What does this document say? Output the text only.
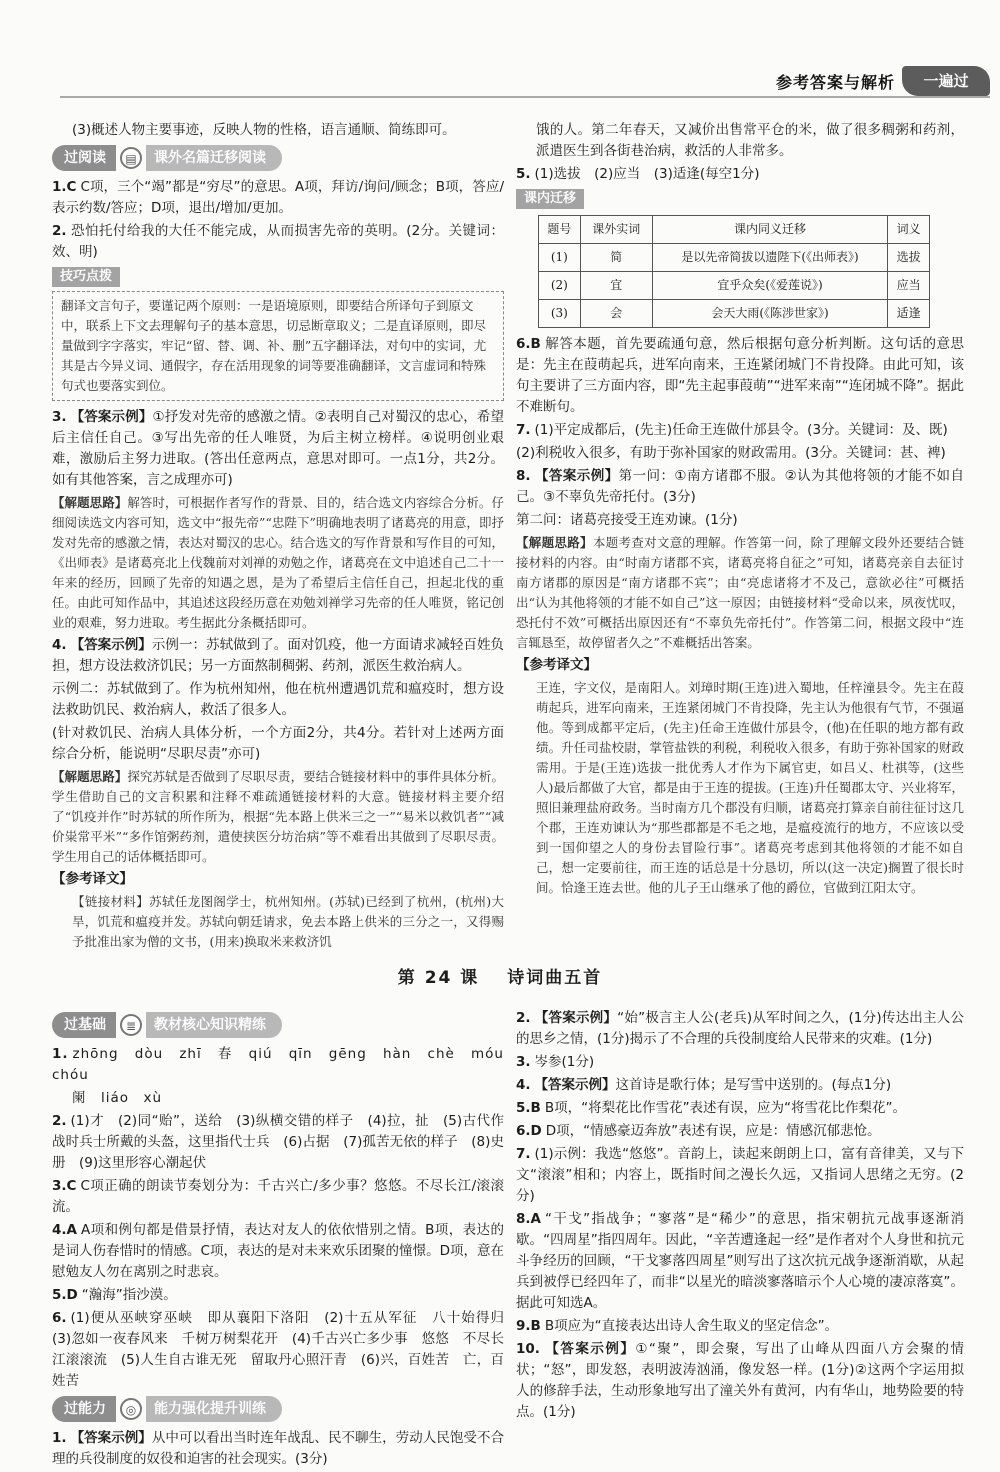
参考答案与解析	一遍过

(3)概述人物主要事迹，反映人物的性格，语言通顺、简练即可。

过阅读	▤	课外名篇迁移阅读

1.C C项，三个“竭”都是“穷尽”的意思。A项，拜访/询问/顾念；B项，答应/表示约数/答应；D项，退出/增加/更加。

2. 恐怕托付给我的大任不能完成，从而损害先帝的英明。(2分。关键词：效、明)

技巧点拨
翻译文言句子，要谨记两个原则：一是语境原则，即要结合所译句子到原文中，联系上下文去理解句子的基本意思，切忌断章取义；二是直译原则，即尽量做到字字落实，牢记“留、替、调、补、删”五字翻译法，对句中的实词，尤其是古今异义词、通假字，存在活用现象的词等要准确翻译，文言虚词和特殊句式也要落实到位。

3. 【答案示例】①抒发对先帝的感激之情。②表明自己对蜀汉的忠心，希望后主信任自己。③写出先帝的任人唯贤，为后主树立榜样。④说明创业艰难，激励后主努力进取。(答出任意两点，意思对即可。一点1分，共2分。如有其他答案，言之成理亦可)

【解题思路】解答时，可根据作者写作的背景、目的，结合选文内容综合分析。仔细阅读选文内容可知，选文中“报先帝”“忠陛下”明确地表明了诸葛亮的用意，即抒发对先帝的感激之情，表达对蜀汉的忠心。结合选文的写作背景和写作目的可知，《出师表》是诸葛亮北上伐魏前对刘禅的劝勉之作，诸葛亮在文中追述自己二十一年来的经历，回顾了先帝的知遇之恩，是为了希望后主信任自己，担起北伐的重任。由此可知作品中，其追述这段经历意在劝勉刘禅学习先帝的任人唯贤，铭记创业的艰难，努力进取。考生据此分条概括即可。

4. 【答案示例】示例一：苏轼做到了。面对饥疫，他一方面请求减轻百姓负担，想方设法救济饥民；另一方面熬制稠粥、药剂，派医生救治病人。

示例二：苏轼做到了。作为杭州知州，他在杭州遭遇饥荒和瘟疫时，想方设法救助饥民、救治病人，救活了很多人。

(针对救饥民、治病人具体分析，一个方面2分，共4分。若针对上述两方面综合分析，能说明“尽职尽责”亦可)

【解题思路】探究苏轼是否做到了尽职尽责，要结合链接材料中的事件具体分析。学生借助自己的文言积累和注释不难疏通链接材料的大意。链接材料主要介绍了“饥疫并作”时苏轼的所作所为，根据“先本路上供米三之一”“易米以救饥者”“减价粜常平米”“多作馆粥药剂，遣使挟医分坊治病”等不难看出其做到了尽职尽责。学生用自己的话体概括即可。

【参考译文】

【链接材料】苏轼任龙图阁学士，杭州知州。(苏轼)已经到了杭州，(杭州)大旱，饥荒和瘟疫并发。苏轼向朝廷请求，免去本路上供米的三分之一，又得赐予批准出家为僧的文书，(用来)换取米来救济饥

饿的人。第二年春天，又减价出售常平仓的米，做了很多稠粥和药剂，派遣医生到各街巷治病，救活的人非常多。

5. (1)选拔　(2)应当　(3)适逢(每空1分)

课内迁移
题号	课外实词	课内同义迁移	词义
(1)	简	是以先帝简拔以遗陛下(《出师表》)	选拔
(2)	宜	宜乎众矣(《爱莲说》)	应当
(3)	会	会天大雨(《陈涉世家》)	适逢

6.B 解答本题，首先要疏通句意，然后根据句意分析判断。这句话的意思是：先主在葭萌起兵，进军向南来，王连紧闭城门不肯投降。由此可知，该句主要讲了三方面内容，即“先主起事葭萌”“进军来南”“连闭城不降”。据此不难断句。

7. (1)平定成都后，(先主)任命王连做什邡县令。(3分。关键词：及、既)

(2)利税收入很多，有助于弥补国家的财政需用。(3分。关键词：甚、裨)

8. 【答案示例】第一问：①南方诸郡不服。②认为其他将领的才能不如自己。③不辜负先帝托付。(3分)

第二问：诸葛亮接受王连劝谏。(1分)

【解题思路】本题考查对文意的理解。作答第一问，除了理解文段外还要结合链接材料的内容。由“时南方诸郡不宾，诸葛亮将自征之”可知，诸葛亮亲自去征讨南方诸郡的原因是“南方诸郡不宾”；由“亮虑诸将才不及己，意欲必往”可概括出“认为其他将领的才能不如自己”这一原因；由链接材料“受命以来，夙夜忧叹，恐托付不效”可概括出原因还有“不辜负先帝托付”。作答第二问，根据文段中“连言辄恳至，故停留者久之”不难概括出答案。

【参考译文】

王连，字文仪，是南阳人。刘璋时期(王连)进入蜀地，任梓潼县令。先主在葭萌起兵，进军向南来，王连紧闭城门不肯投降，先主认为他很有气节，不强逼他。等到成都平定后，(先主)任命王连做什邡县令，(他)在任职的地方都有政绩。升任司盐校尉，掌管盐铁的利税，利税收入很多，有助于弥补国家的财政需用。于是(王连)选拔一批优秀人才作为下属官吏，如吕乂、杜祺等，(这些人)最后都做了大官，都是由于王连的提拔。(王连)升任蜀郡太守、兴业将军，照旧兼理盐府政务。当时南方几个郡没有归顺，诸葛亮打算亲自前往征讨这几个郡，王连劝谏认为“那些郡都是不毛之地，是瘟疫流行的地方，不应该以受到一国仰望之人的身份去冒险行事”。诸葛亮考虑到其他将领的才能不如自己，想一定要前往，而王连的话总是十分恳切，所以(这一决定)搁置了很长时间。恰逢王连去世。他的儿子王山继承了他的爵位，官做到江阳太守。

第 24 课 诗词曲五首
过基础	≣	教材核心知识精练

1. zhōng　dòu　zhī　春　qiú　qīn　gēng　hàn　chè　móu　chóu

阑　liáo　xù

2. (1)才　(2)同“贻”，送给　(3)纵横交错的样子　(4)拉，扯　(5)古代作战时兵士所戴的头盔，这里指代士兵　(6)占据　(7)孤苦无依的样子　(8)史册　(9)这里形容心潮起伏

3.C C项正确的朗读节奏划分为：千古兴亡/多少事？悠悠。不尽长江/滚滚流。

4.A A项和例句都是借景抒情，表达对友人的依依惜别之情。B项，表达的是词人伤春惜时的情感。C项，表达的是对未来欢乐团聚的憧憬。D项，意在慰勉友人勿在离别之时悲哀。

5.D “瀚海”指沙漠。

6. (1)便从巫峡穿巫峡　即从襄阳下洛阳　(2)十五从军征　八十始得归　(3)忽如一夜春风来　千树万树梨花开　(4)千古兴亡多少事　悠悠　不尽长江滚滚流　(5)人生自古谁无死　留取丹心照汗青　(6)兴，百姓苦　亡，百姓苦

过能力	◎	能力强化提升训练

1. 【答案示例】从中可以看出当时连年战乱、民不聊生，劳动人民饱受不合理的兵役制度的奴役和迫害的社会现实。(3分)

2. 【答案示例】“始”极言主人公(老兵)从军时间之久，(1分)传达出主人公的思乡之情，(1分)揭示了不合理的兵役制度给人民带来的灾难。(1分)

3. 岑参(1分)

4. 【答案示例】这首诗是歌行体；是写雪中送别的。(每点1分)

5.B B项，“将梨花比作雪花”表述有误，应为“将雪花比作梨花”。

6.D D项，“情感豪迈奔放”表述有误，应是：情感沉郁悲怆。

7. (1)示例：我选“悠悠”。音韵上，读起来朗朗上口，富有音律美，又与下文“滚滚”相和；内容上，既指时间之漫长久远，又指词人思绪之无穷。(2分)

8.A “干戈”指战争；“寥落”是“稀少”的意思，指宋朝抗元战事逐渐消歇。“四周星”指四周年。因此，“辛苦遭逢起一经”是作者对个人身世和抗元斗争经历的回顾，“干戈寥落四周星”则写出了这次抗元战争逐渐消歇，从起兵到被俘已经四年了，而非“以星光的暗淡寥落暗示个人心境的凄凉落寞”。据此可知选A。

9.B B项应为“直接表达出诗人舍生取义的坚定信念”。

10. 【答案示例】①“聚”，即会聚，写出了山峰从四面八方会聚的情状；“怒”，即发怒，表明波涛汹涌，像发怒一样。(1分)②这两个字运用拟人的修辞手法，生动形象地写出了潼关外有黄河，内有华山，地势险要的特点。(1分)
